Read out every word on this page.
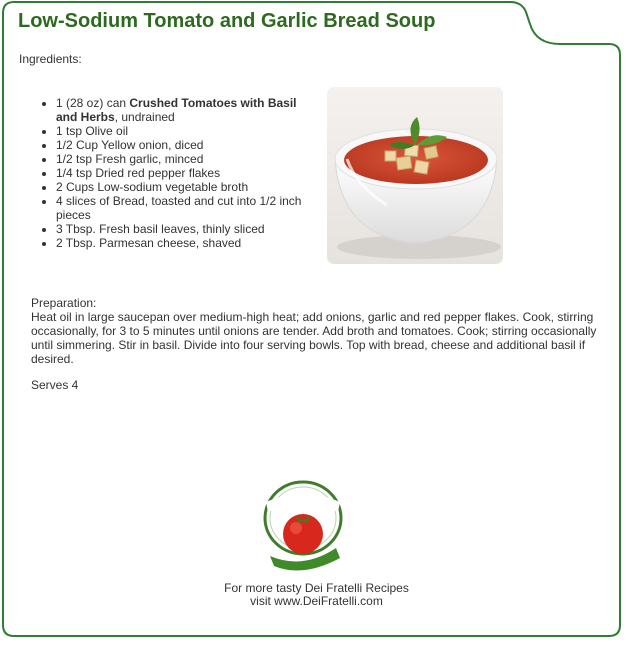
Low-Sodium Tomato and Garlic Bread Soup
Ingredients:
• 1 (28 oz) can Crushed Tomatoes with Basil and Herbs, undrained
• 1 tsp Olive oil
• 1/2 Cup Yellow onion, diced
• 1/2 tsp Fresh garlic, minced
• 1/4 tsp Dried red pepper flakes
• 2 Cups Low-sodium vegetable broth
• 4 slices of Bread, toasted and cut into 1/2 inch pieces
• 3 Tbsp. Fresh basil leaves, thinly sliced
• 2 Tbsp. Parmesan cheese, shaved
Preparation:

Heat oil in large saucepan over medium-high heat; add onions, garlic and red pepper flakes. Cook, stirring occasionally, for 3 to 5 minutes until onions are tender. Add broth and tomatoes. Cook; stirring occasionally until simmering. Stir in basil. Divide into four serving bowls. Top with bread, cheese and additional basil if desired.

Serves 4
For more tasty Dei Fratelli Recipes
visit www.DeiFratelli.com
